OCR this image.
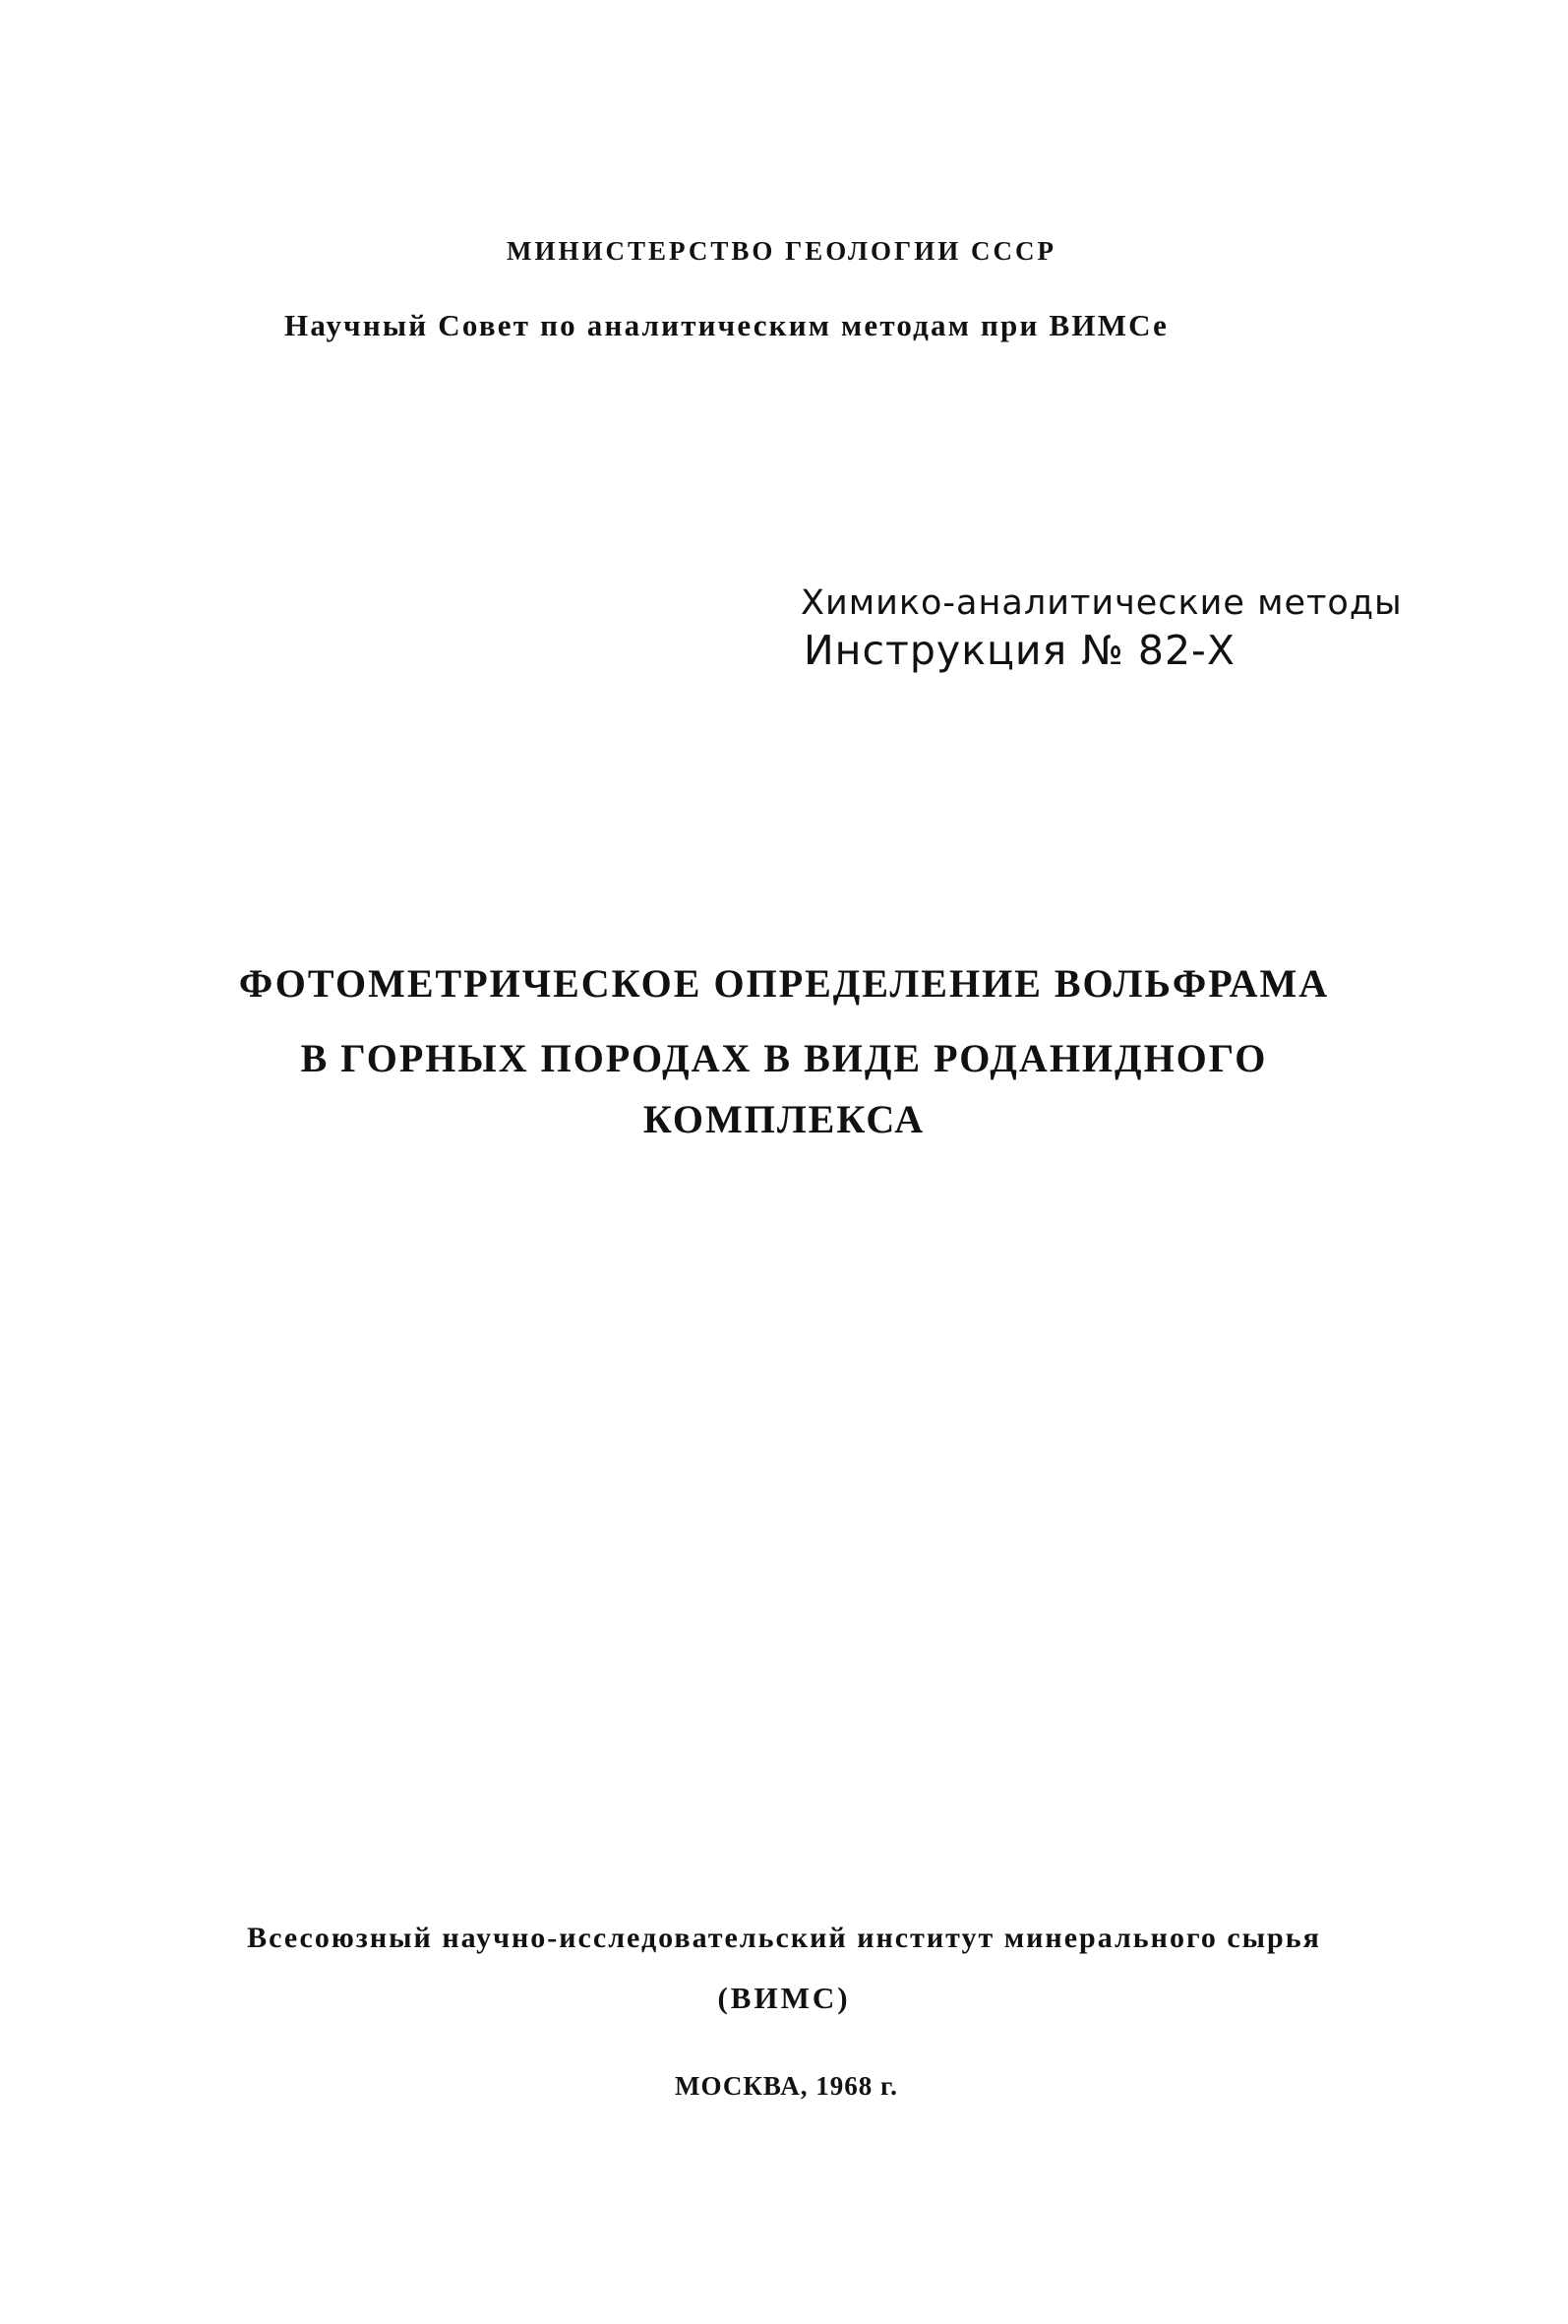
МИНИСТЕРСТВО ГЕОЛОГИИ СССР
Научный Совет по аналитическим методам при ВИМСе
Химико-аналитические методы
Инструкция № 82-Х
ФОТОМЕТРИЧЕСКОЕ ОПРЕДЕЛЕНИЕ ВОЛЬФРАМА
В ГОРНЫХ ПОРОДАХ В ВИДЕ РОДАНИДНОГО
КОМПЛЕКСА
Всесоюзный научно-исследовательский институт минерального сырья
(ВИМС)
МОСКВА, 1968 г.
